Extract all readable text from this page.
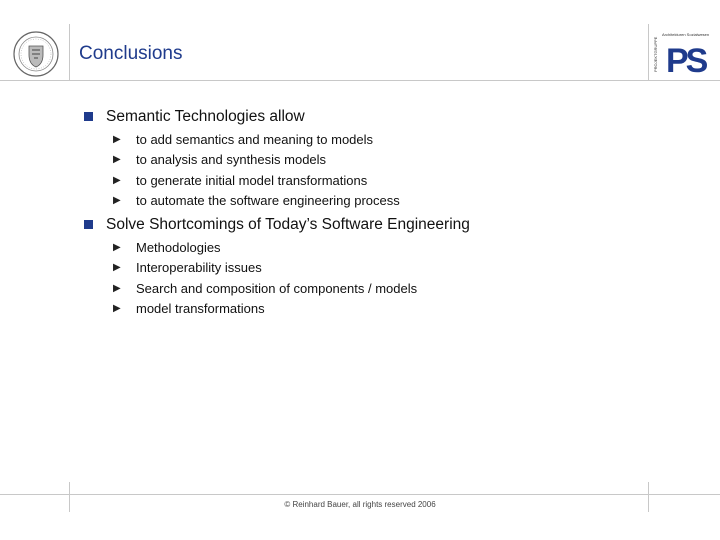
Conclusions
Architekturen Sozialwesen
PROJEKTGRUPPE PS
Semantic Technologies allow
▶ to add semantics and meaning to models
▶ to analysis and synthesis models
▶ to generate initial model transformations
▶ to automate the software engineering process
Solve Shortcomings of Today’s Software Engineering
▶ Methodologies
▶ Interoperability issues
▶ Search and composition of components / models
▶ model transformations
© Reinhard Bauer, all rights reserved 2006
